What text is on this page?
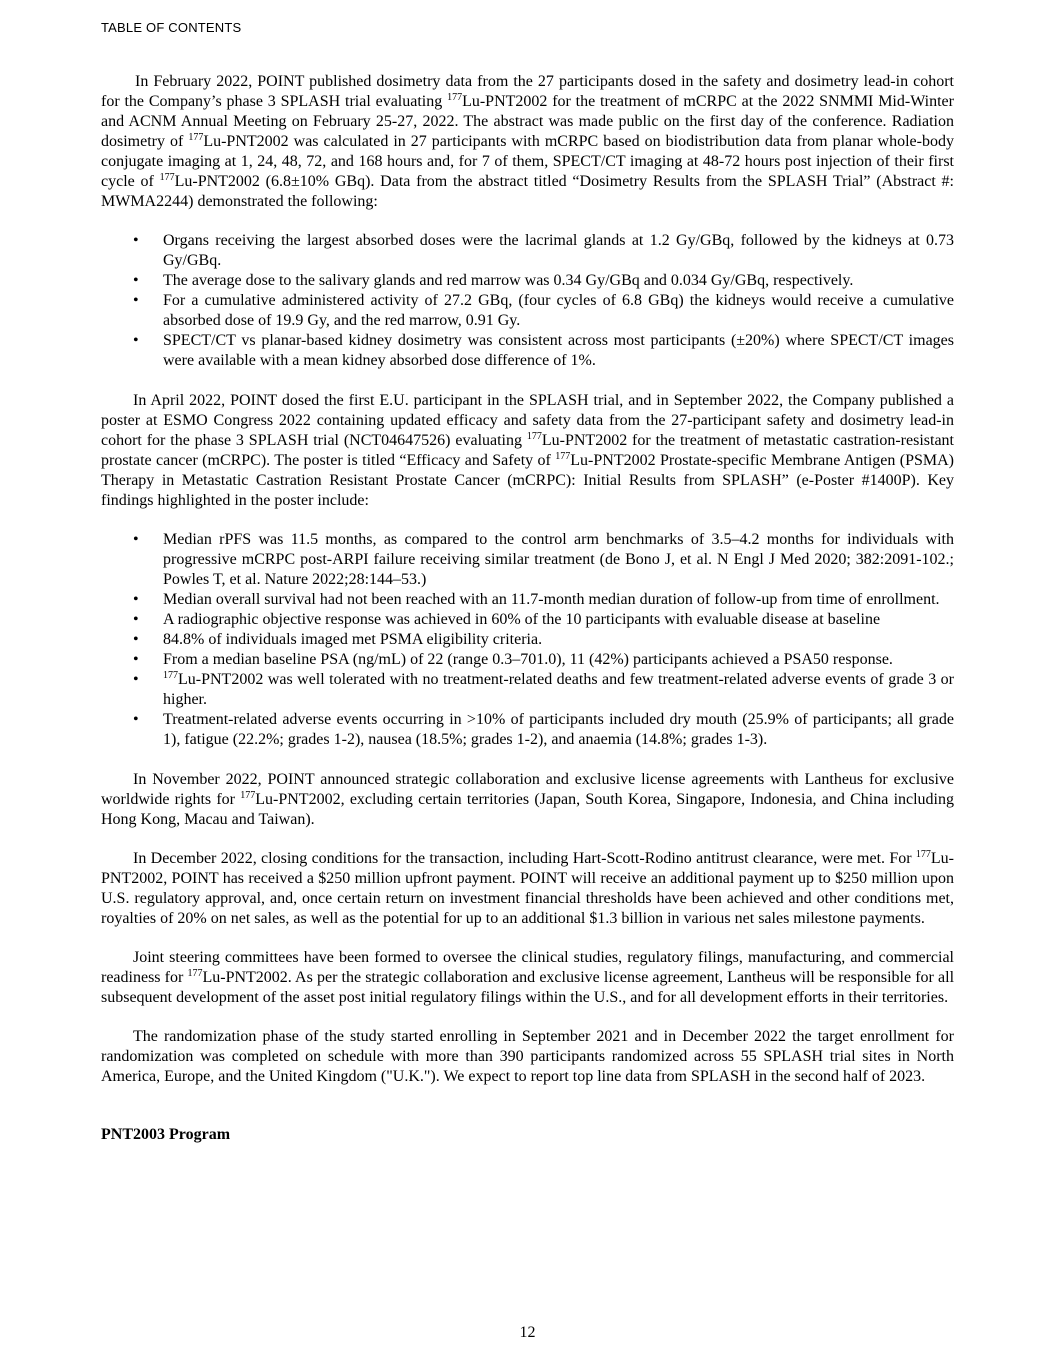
TABLE OF CONTENTS

In February 2022, POINT published dosimetry data from the 27 participants dosed in the safety and dosimetry lead-in cohort for the Company’s phase 3 SPLASH trial evaluating $^{177}$Lu-PNT2002 for the treatment of mCRPC at the 2022 SNMMI Mid-Winter and ACNM Annual Meeting on February 25-27, 2022. The abstract was made public on the first day of the conference. Radiation dosimetry of $^{177}$Lu-PNT2002 was calculated in 27 participants with mCRPC based on biodistribution data from planar whole-body conjugate imaging at 1, 24, 48, 72, and 168 hours and, for 7 of them, SPECT/CT imaging at 48-72 hours post injection of their first cycle of $^{177}$Lu-PNT2002 (6.8±10% GBq). Data from the abstract titled “Dosimetry Results from the SPLASH Trial” (Abstract #: MWMA2244) demonstrated the following:

• Organs receiving the largest absorbed doses were the lacrimal glands at 1.2 Gy/GBq, followed by the kidneys at 0.73 Gy/GBq.
• The average dose to the salivary glands and red marrow was 0.34 Gy/GBq and 0.034 Gy/GBq, respectively.
• For a cumulative administered activity of 27.2 GBq, (four cycles of 6.8 GBq) the kidneys would receive a cumulative absorbed dose of 19.9 Gy, and the red marrow, 0.91 Gy.
• SPECT/CT vs planar-based kidney dosimetry was consistent across most participants (±20%) where SPECT/CT images were available with a mean kidney absorbed dose difference of 1%.

In April 2022, POINT dosed the first E.U. participant in the SPLASH trial, and in September 2022, the Company published a poster at ESMO Congress 2022 containing updated efficacy and safety data from the 27-participant safety and dosimetry lead-in cohort for the phase 3 SPLASH trial (NCT04647526) evaluating $^{177}$Lu-PNT2002 for the treatment of metastatic castration-resistant prostate cancer (mCRPC). The poster is titled “Efficacy and Safety of $^{177}$Lu-PNT2002 Prostate-specific Membrane Antigen (PSMA) Therapy in Metastatic Castration Resistant Prostate Cancer (mCRPC): Initial Results from SPLASH” (e-Poster #1400P). Key findings highlighted in the poster include:

• Median rPFS was 11.5 months, as compared to the control arm benchmarks of 3.5–4.2 months for individuals with progressive mCRPC post-ARPI failure receiving similar treatment (de Bono J, et al. N Engl J Med 2020; 382:2091-102.; Powles T, et al. Nature 2022;28:144–53.)
• Median overall survival had not been reached with an 11.7-month median duration of follow-up from time of enrollment.
• A radiographic objective response was achieved in 60% of the 10 participants with evaluable disease at baseline
• 84.8% of individuals imaged met PSMA eligibility criteria.
• From a median baseline PSA (ng/mL) of 22 (range 0.3–701.0), 11 (42%) participants achieved a PSA50 response.
• $^{177}$Lu-PNT2002 was well tolerated with no treatment-related deaths and few treatment-related adverse events of grade 3 or higher.
• Treatment-related adverse events occurring in >10% of participants included dry mouth (25.9% of participants; all grade 1), fatigue (22.2%; grades 1-2), nausea (18.5%; grades 1-2), and anaemia (14.8%; grades 1-3).

In November 2022, POINT announced strategic collaboration and exclusive license agreements with Lantheus for exclusive worldwide rights for $^{177}$Lu-PNT2002, excluding certain territories (Japan, South Korea, Singapore, Indonesia, and China including Hong Kong, Macau and Taiwan).

In December 2022, closing conditions for the transaction, including Hart-Scott-Rodino antitrust clearance, were met. For $^{177}$Lu-PNT2002, POINT has received a $250 million upfront payment. POINT will receive an additional payment up to $250 million upon U.S. regulatory approval, and, once certain return on investment financial thresholds have been achieved and other conditions met, royalties of 20% on net sales, as well as the potential for up to an additional $1.3 billion in various net sales milestone payments.

Joint steering committees have been formed to oversee the clinical studies, regulatory filings, manufacturing, and commercial readiness for $^{177}$Lu-PNT2002. As per the strategic collaboration and exclusive license agreement, Lantheus will be responsible for all subsequent development of the asset post initial regulatory filings within the U.S., and for all development efforts in their territories.

The randomization phase of the study started enrolling in September 2021 and in December 2022 the target enrollment for randomization was completed on schedule with more than 390 participants randomized across 55 SPLASH trial sites in North America, Europe, and the United Kingdom ("U.K."). We expect to report top line data from SPLASH in the second half of 2023.

PNT2003 Program
12
